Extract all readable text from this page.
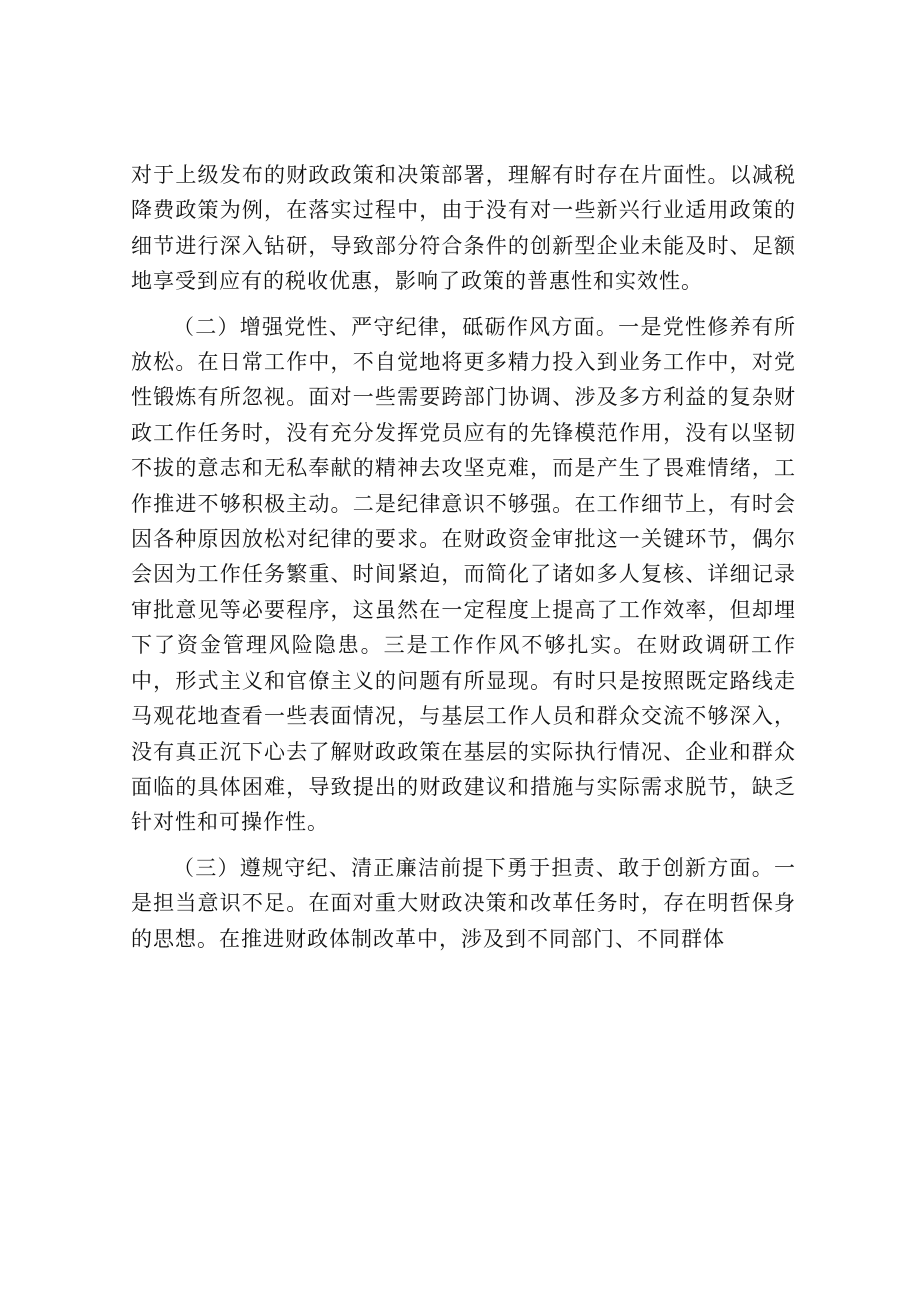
对于上级发布的财政政策和决策部署，理解有时存在片面性。以减税降费政策为例，在落实过程中，由于没有对一些新兴行业适用政策的细节进行深入钻研，导致部分符合条件的创新型企业未能及时、足额地享受到应有的税收优惠，影响了政策的普惠性和实效性。

（二）增强党性、严守纪律，砥砺作风方面。一是党性修养有所放松。在日常工作中，不自觉地将更多精力投入到业务工作中，对党性锻炼有所忽视。面对一些需要跨部门协调、涉及多方利益的复杂财政工作任务时，没有充分发挥党员应有的先锋模范作用，没有以坚韧不拔的意志和无私奉献的精神去攻坚克难，而是产生了畏难情绪，工作推进不够积极主动。二是纪律意识不够强。在工作细节上，有时会因各种原因放松对纪律的要求。在财政资金审批这一关键环节，偶尔会因为工作任务繁重、时间紧迫，而简化了诸如多人复核、详细记录审批意见等必要程序，这虽然在一定程度上提高了工作效率，但却埋下了资金管理风险隐患。三是工作作风不够扎实。在财政调研工作中，形式主义和官僚主义的问题有所显现。有时只是按照既定路线走马观花地查看一些表面情况，与基层工作人员和群众交流不够深入，没有真正沉下心去了解财政政策在基层的实际执行情况、企业和群众面临的具体困难，导致提出的财政建议和措施与实际需求脱节，缺乏针对性和可操作性。

（三）遵规守纪、清正廉洁前提下勇于担责、敢于创新方面。一是担当意识不足。在面对重大财政决策和改革任务时，存在明哲保身的思想。在推进财政体制改革中，涉及到不同部门、不同群体
